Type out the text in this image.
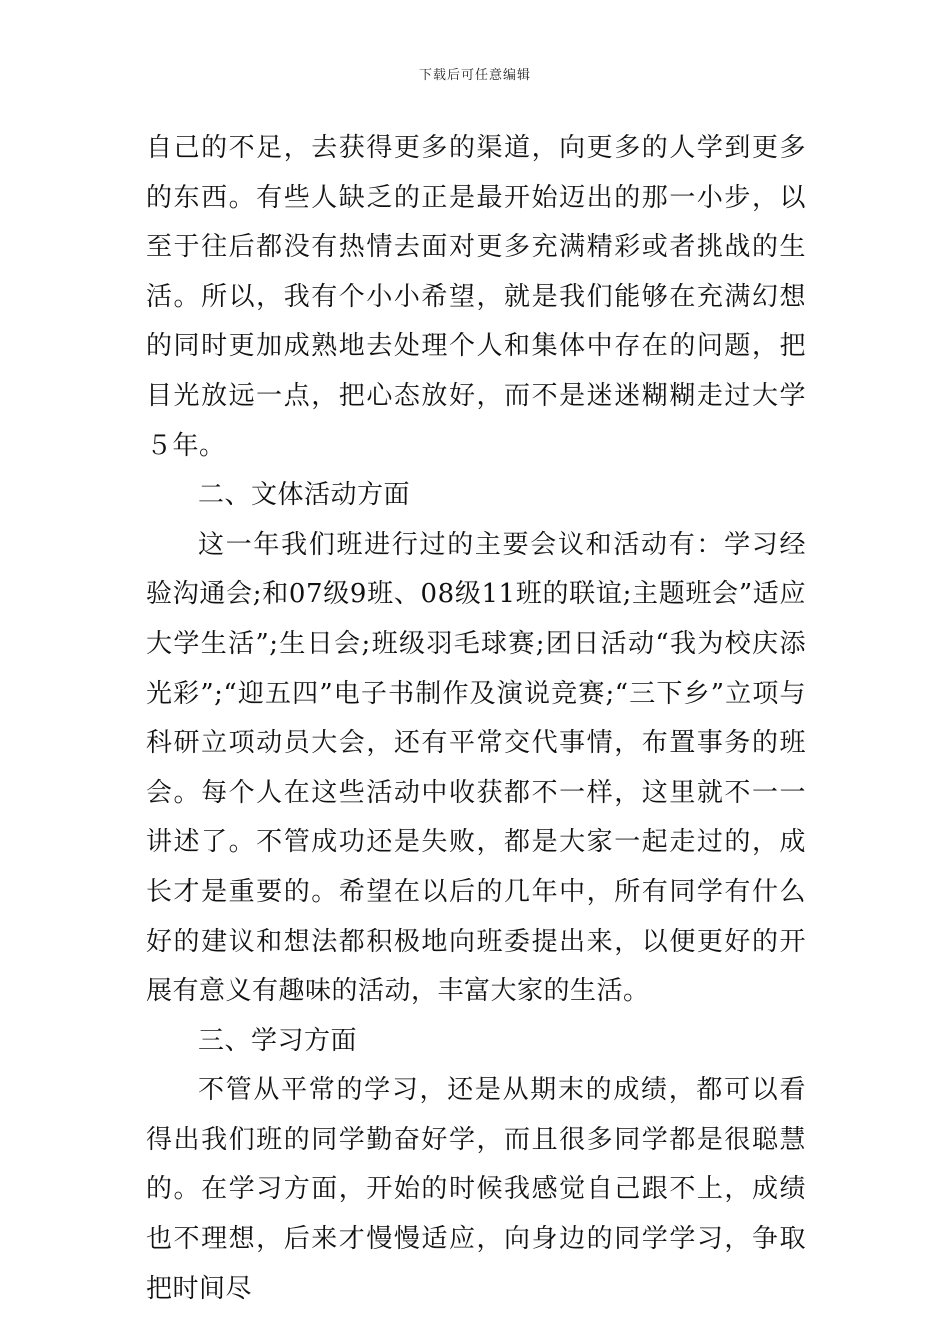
下载后可任意编辑

自己的不足，去获得更多的渠道，向更多的人学到更多的东西。有些人缺乏的正是最开始迈出的那一小步，以至于往后都没有热情去面对更多充满精彩或者挑战的生活。所以，我有个小小希望，就是我们能够在充满幻想的同时更加成熟地去处理个人和集体中存在的问题，把目光放远一点，把心态放好，而不是迷迷糊糊走过大学５年。

二、文体活动方面

这一年我们班进行过的主要会议和活动有：学习经验沟通会;和07级9班、08级11班的联谊;主题班会”适应大学生活”;生日会;班级羽毛球赛;团日活动“我为校庆添光彩”;“迎五四”电子书制作及演说竞赛;“三下乡”立项与科研立项动员大会，还有平常交代事情，布置事务的班会。每个人在这些活动中收获都不一样，这里就不一一讲述了。不管成功还是失败，都是大家一起走过的，成长才是重要的。希望在以后的几年中，所有同学有什么好的建议和想法都积极地向班委提出来，以便更好的开展有意义有趣味的活动，丰富大家的生活。

三、学习方面

不管从平常的学习，还是从期末的成绩，都可以看得出我们班的同学勤奋好学，而且很多同学都是很聪慧的。在学习方面，开始的时候我感觉自己跟不上，成绩也不理想，后来才慢慢适应，向身边的同学学习，争取把时间尽
